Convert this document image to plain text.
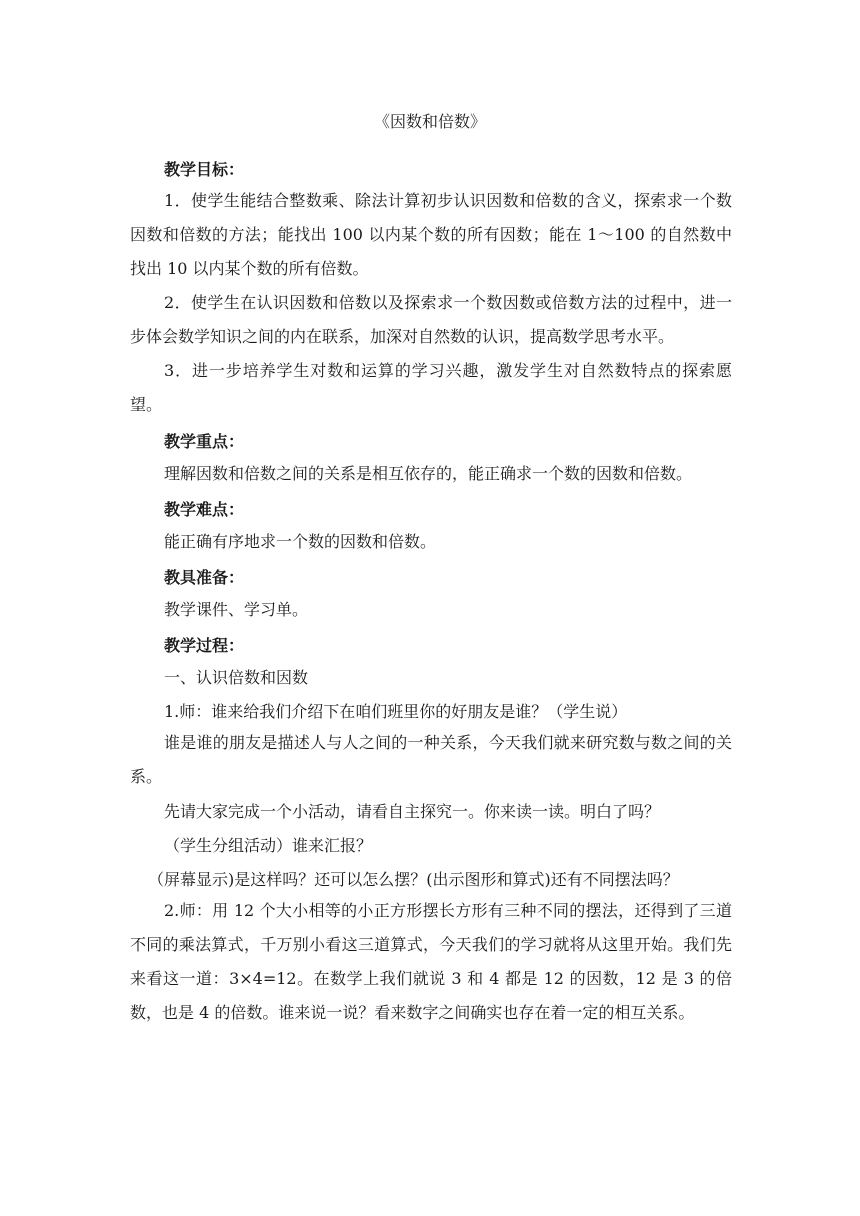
《因数和倍数》
教学目标：
1．使学生能结合整数乘、除法计算初步认识因数和倍数的含义，探索求一个数因数和倍数的方法；能找出 100 以内某个数的所有因数；能在 1～100 的自然数中找出 10 以内某个数的所有倍数。
2．使学生在认识因数和倍数以及探索求一个数因数或倍数方法的过程中，进一步体会数学知识之间的内在联系，加深对自然数的认识，提高数学思考水平。
3．进一步培养学生对数和运算的学习兴趣，激发学生对自然数特点的探索愿望。
教学重点：
理解因数和倍数之间的关系是相互依存的，能正确求一个数的因数和倍数。
教学难点：
能正确有序地求一个数的因数和倍数。
教具准备：
教学课件、学习单。
教学过程：
一、认识倍数和因数
1.师：谁来给我们介绍下在咱们班里你的好朋友是谁？（学生说）
谁是谁的朋友是描述人与人之间的一种关系，今天我们就来研究数与数之间的关系。
先请大家完成一个小活动，请看自主探究一。你来读一读。明白了吗？
（学生分组活动）谁来汇报？
（屏幕显示)是这样吗？还可以怎么摆？(出示图形和算式)还有不同摆法吗？
2.师：用 12 个大小相等的小正方形摆长方形有三种不同的摆法，还得到了三道不同的乘法算式，千万别小看这三道算式，今天我们的学习就将从这里开始。我们先来看这一道：3×4=12。在数学上我们就说 3 和 4 都是 12 的因数，12 是 3 的倍数，也是 4 的倍数。谁来说一说？看来数字之间确实也存在着一定的相互关系。
